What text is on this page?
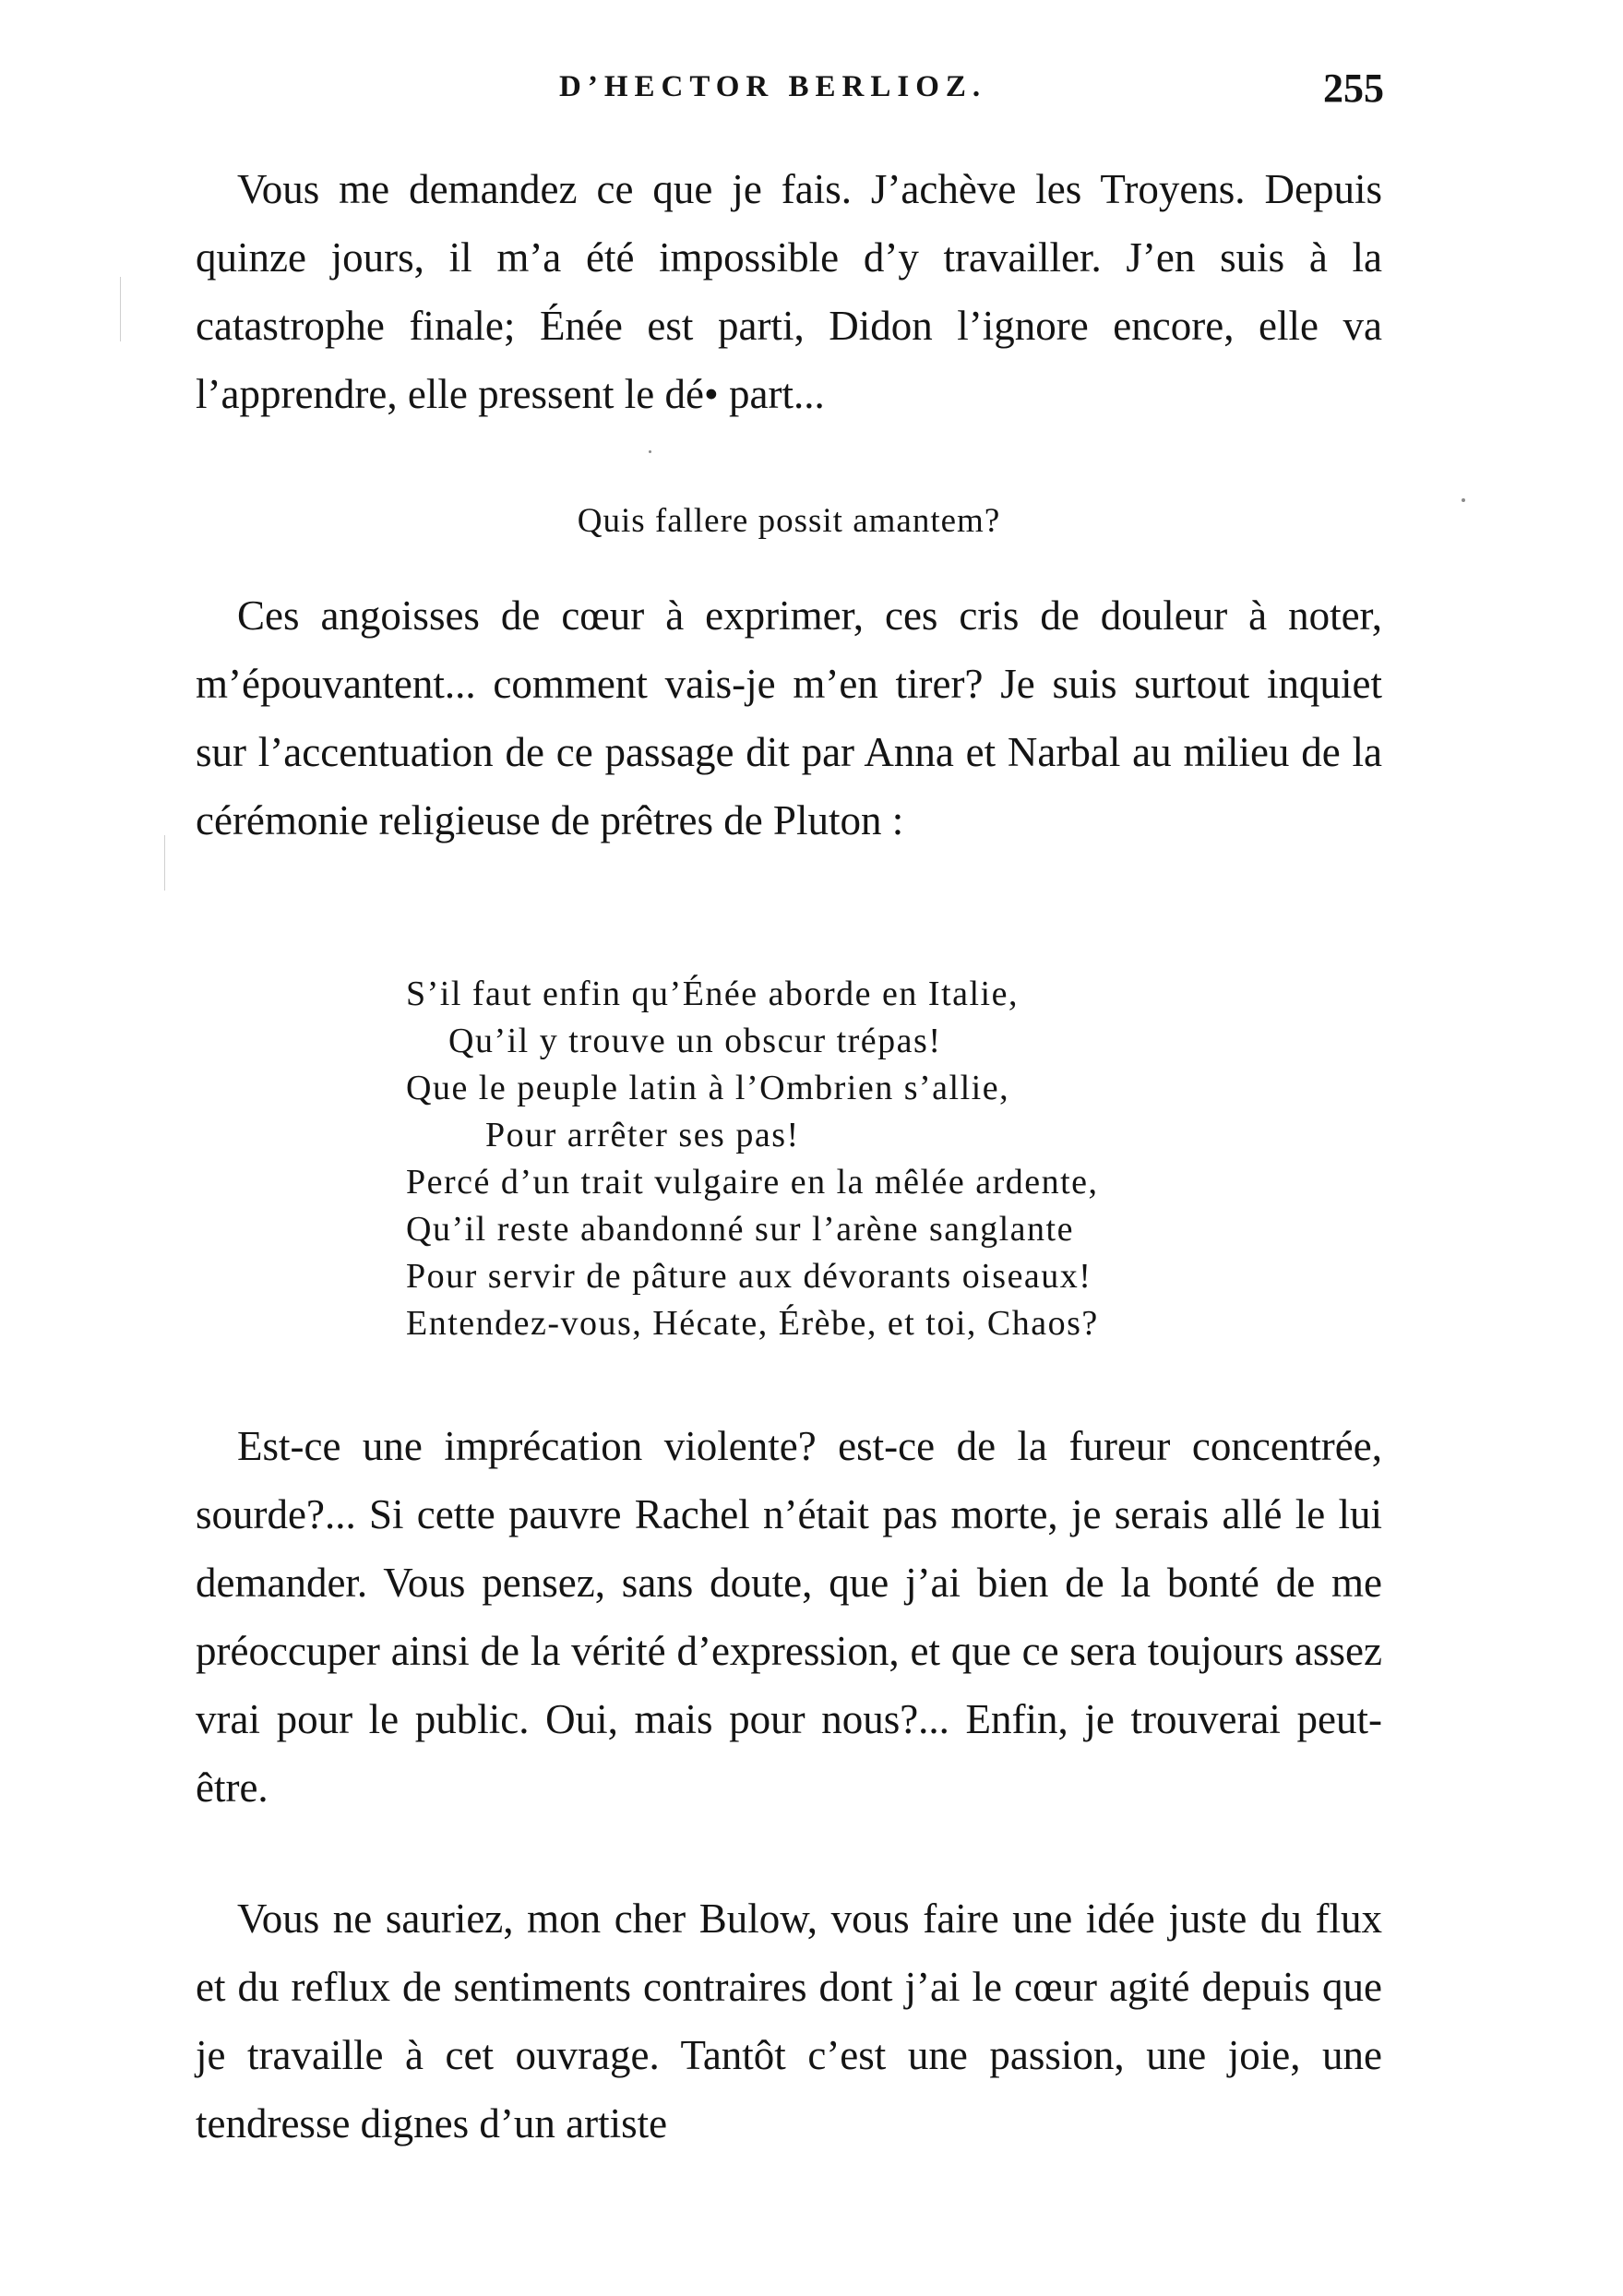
D’HECTOR BERLIOZ.	255

Vous me demandez ce que je fais. J’achève les Troyens. Depuis quinze jours, il m’a été impossible d’y travailler. J’en suis à la catastrophe finale; Énée est parti, Didon l’ignore encore, elle va l’apprendre, elle pressent le dé• part...

Quis fallere possit amantem?

Ces angoisses de cœur à exprimer, ces cris de douleur à noter, m’épouvantent... comment vais-je m’en tirer? Je suis surtout inquiet sur l’accentuation de ce passage dit par Anna et Narbal au milieu de la cérémonie religieuse de prêtres de Pluton :

S’il faut enfin qu’Énée aborde en Italie,
Qu’il y trouve un obscur trépas!
Que le peuple latin à l’Ombrien s’allie,
Pour arrêter ses pas!
Percé d’un trait vulgaire en la mêlée ardente,
Qu’il reste abandonné sur l’arène sanglante
Pour servir de pâture aux dévorants oiseaux!
Entendez-vous, Hécate, Érèbe, et toi, Chaos?

Est-ce une imprécation violente? est-ce de la fureur concentrée, sourde?... Si cette pauvre Rachel n’était pas morte, je serais allé le lui demander. Vous pensez, sans doute, que j’ai bien de la bonté de me préoccuper ainsi de la vérité d’expression, et que ce sera toujours assez vrai pour le public. Oui, mais pour nous?... Enfin, je trouverai peut-être.

Vous ne sauriez, mon cher Bulow, vous faire une idée juste du flux et du reflux de sentiments contraires dont j’ai le cœur agité depuis que je travaille à cet ouvrage. Tantôt c’est une passion, une joie, une tendresse dignes d’un artiste
